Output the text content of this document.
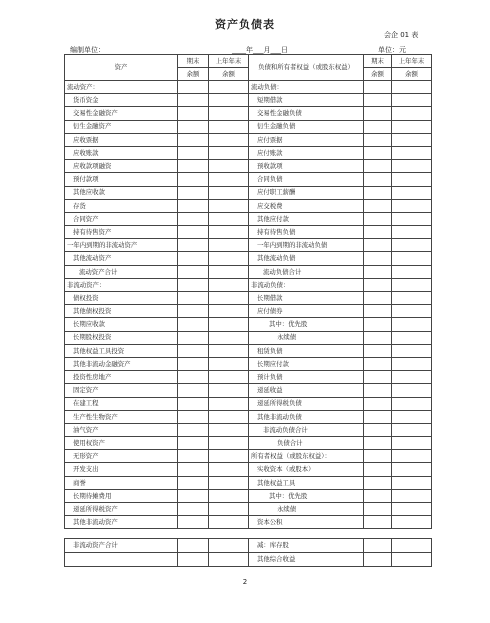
资产负债表
会企 01 表
编制单位：	____年___月___日	单位：元
资产	期末	上年年末	负债和所有者权益（或股东权益）	期末	上年年末
	余额	余额		余额	余额
流动资产：			流动负债：		
货币资金			短期借款		
交易性金融资产			交易性金融负债		
衍生金融资产			衍生金融负债		
应收票据			应付票据		
应收账款			应付账款		
应收款项融资			预收款项		
预付款项			合同负债		
其他应收款			应付职工薪酬		
存货			应交税费		
合同资产			其他应付款		
持有待售资产			持有待售负债		
一年内到期的非流动资产			一年内到期的非流动负债		
其他流动资产			其他流动负债		
流动资产合计			流动负债合计		
非流动资产：			非流动负债：		
债权投资			长期借款		
其他债权投资			应付债券		
长期应收款			其中：优先股		
长期股权投资			永续债		
其他权益工具投资			租赁负债		
其他非流动金融资产			长期应付款		
投资性房地产			预计负债		
固定资产			递延收益		
在建工程			递延所得税负债		
生产性生物资产			其他非流动负债		
油气资产			非流动负债合计		
使用权资产			负债合计		
无形资产			所有者权益（或股东权益）：		
开发支出			实收资本（或股本）		
商誉			其他权益工具		
长期待摊费用			其中：优先股		
递延所得税资产			永续债		
其他非流动资产			资本公积		
非流动资产合计			减：库存股		
			其他综合收益		
2
